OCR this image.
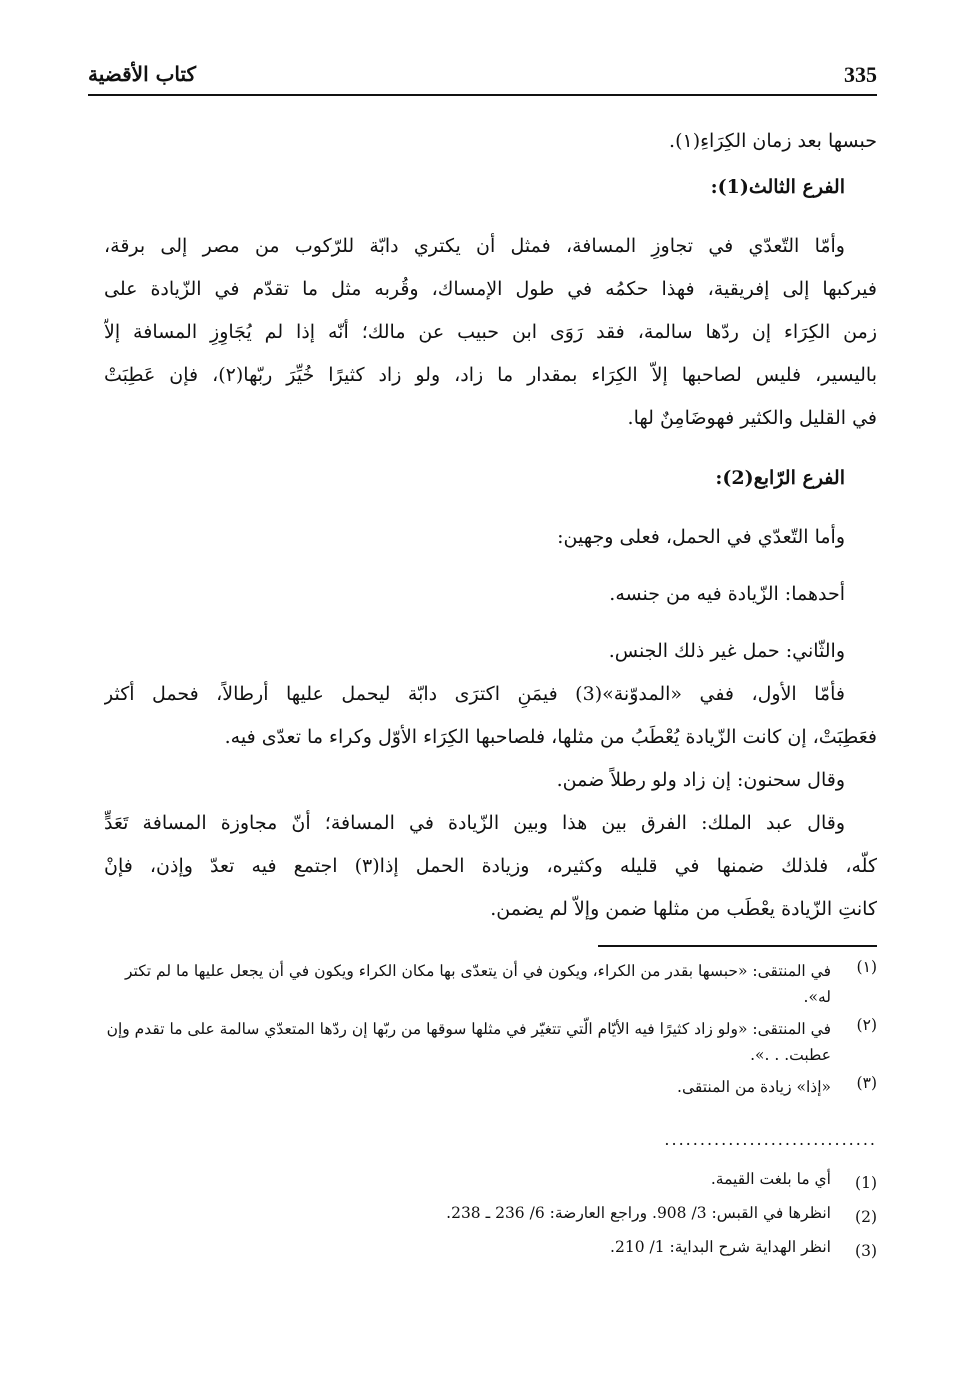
335
كتاب الأقضية
حبسها بعد زمان الكِرَاءِ(١).
الفرع الثالث(1):
وأمّا التّعدّي في تجاوزِ المسافة، فمثل أن يكتري دابّة للرّكوب من مصر إلى برقة،
فيركبها إلى إفريقية، فهذا حكمُه في طول الإمساك، وقُربه مثل ما تقدّم في الزّيادة على
زمن الكِرَاء إن ردّها سالمة، فقد رَوَى ابن حبيب عن مالك؛ أنّه إذا لم يُجَاوِزِ المسافة إلاّ
باليسير، فليس لصاحبها إلاّ الكِرَاء بمقدار ما زاد، ولو زاد كثيرًا خُيِّرَ ربّها(٢)، فإن عَطِبَتْ
في القليل والكثير فهوضَامِنٌ لها.
الفرع الرّابع(2):
وأما التّعدّي في الحمل، فعلى وجهين:
أحدهما: الزّيادة فيه من جنسه.
والثّاني: حمل غير ذلك الجنس.
فأمّا الأول، ففي «المدوّنة»(3) فيمَنِ اكترَى دابّة ليحمل عليها أرطالاً، فحمل أكثر
فعَطِبَتْ، إن كانت الزّيادة يُعْطَبُ من مثلها، فلصاحبها الكِرَاء الأوّل وكراء ما تعدّى فيه.
وقال سحنون: إن زاد ولو رطلاً ضمن.
وقال عبد الملك: الفرق بين هذا وبين الزّيادة في المسافة؛ أنّ مجاوزة المسافة تَعَدٍّ
كلّه، فلذلك ضمنها في قليله وكثيره، وزيادة الحمل إذا(٣) اجتمع فيه تعدّ وإذن، فإنْ
كانتِ الزّيادة يعْطَب من مثلها ضمن وإلاّ لم يضمن.
(١)
في المنتقى: «حبسها بقدر من الكراء، ويكون في أن يتعدّى بها مكان الكراء ويكون في أن يجعل عليها ما لم تكتر له».
(٢)
في المنتقى: «ولو زاد كثيرًا فيه الأيّام الّتي تتغيّر في مثلها سوقها من ربّها إن ردّها المتعدّي سالمة على ما تقدم وإن عطبت. . .».
(٣)
«إذا» زيادة من المنتقى.
..............................
(1)
أي ما بلغت القيمة.
(2)
انظرها في القبس: 3/ 908. وراجع العارضة: 6/ 236 ـ 238.
(3)
انظر الهداية شرح البداية: 1/ 210.
